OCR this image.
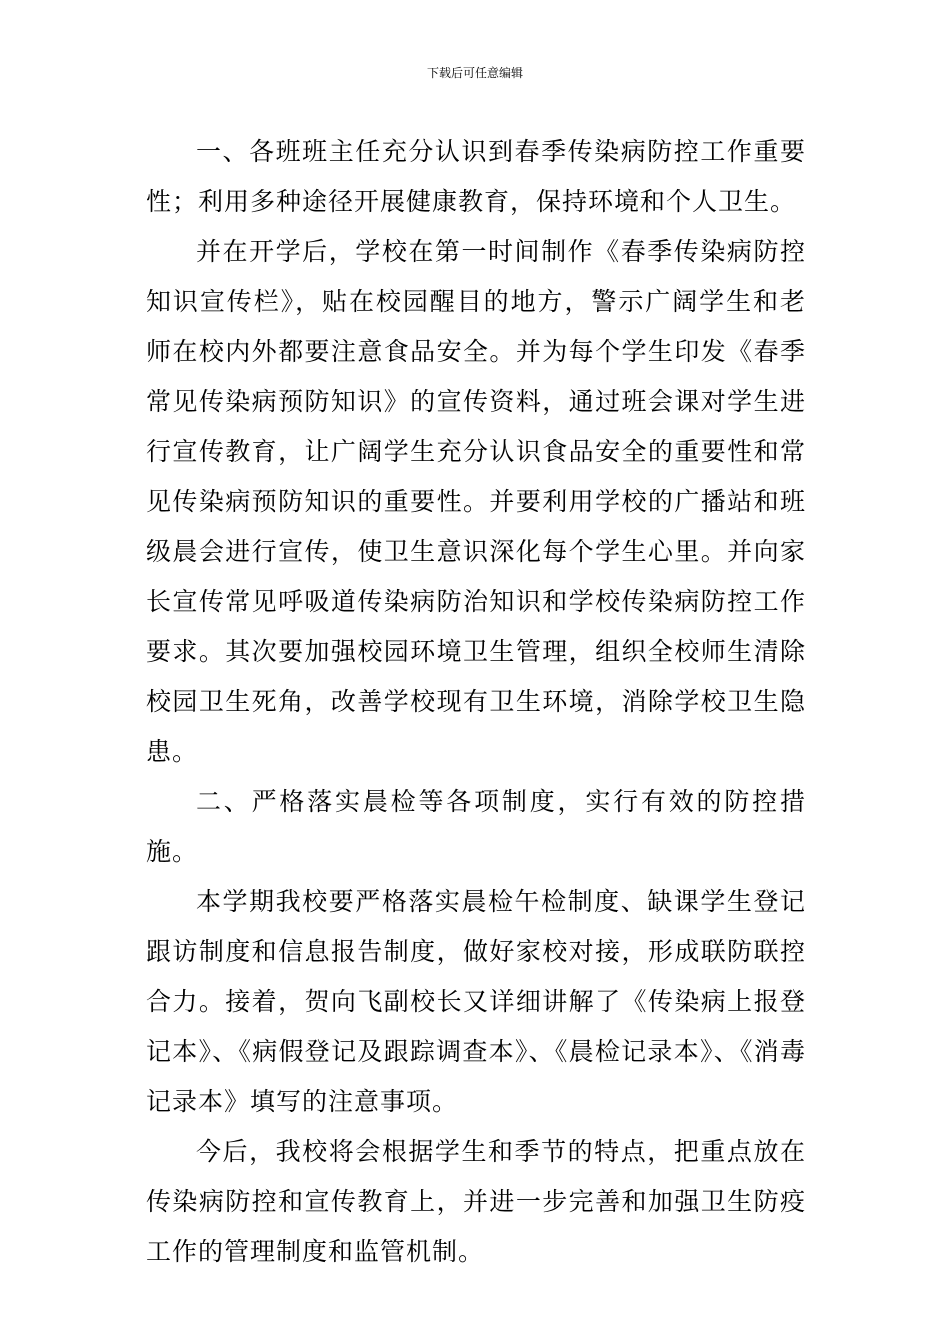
下载后可任意编辑

一、各班班主任充分认识到春季传染病防控工作重要性；利用多种途径开展健康教育，保持环境和个人卫生。

并在开学后，学校在第一时间制作《春季传染病防控知识宣传栏》，贴在校园醒目的地方，警示广阔学生和老师在校内外都要注意食品安全。并为每个学生印发《春季常见传染病预防知识》的宣传资料，通过班会课对学生进行宣传教育，让广阔学生充分认识食品安全的重要性和常见传染病预防知识的重要性。并要利用学校的广播站和班级晨会进行宣传，使卫生意识深化每个学生心里。并向家长宣传常见呼吸道传染病防治知识和学校传染病防控工作要求。其次要加强校园环境卫生管理，组织全校师生清除校园卫生死角，改善学校现有卫生环境，消除学校卫生隐患。

二、严格落实晨检等各项制度，实行有效的防控措施。

本学期我校要严格落实晨检午检制度、缺课学生登记跟访制度和信息报告制度，做好家校对接，形成联防联控合力。接着，贺向飞副校长又详细讲解了《传染病上报登记本》、《病假登记及跟踪调查本》、《晨检记录本》、《消毒记录本》填写的注意事项。

今后，我校将会根据学生和季节的特点，把重点放在传染病防控和宣传教育上，并进一步完善和加强卫生防疫工作的管理制度和监管机制。
